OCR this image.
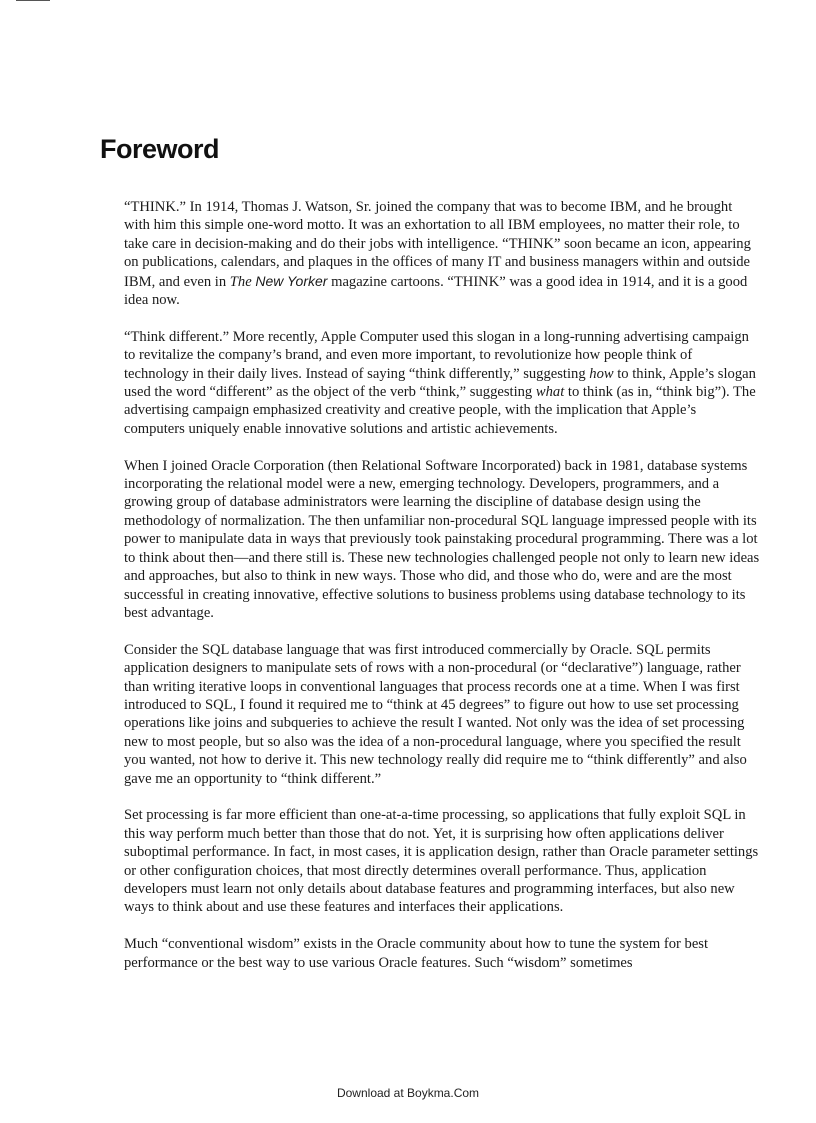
Foreword

“THINK.” In 1914, Thomas J. Watson, Sr. joined the company that was to become IBM, and he brought with him this simple one-word motto. It was an exhortation to all IBM employees, no matter their role, to take care in decision-making and do their jobs with intelligence. “THINK” soon became an icon, appearing on publications, calendars, and plaques in the offices of many IT and business managers within and outside IBM, and even in The New Yorker magazine cartoons. “THINK” was a good idea in 1914, and it is a good idea now.

“Think different.” More recently, Apple Computer used this slogan in a long-running advertising campaign to revitalize the company’s brand, and even more important, to revolutionize how people think of technology in their daily lives. Instead of saying “think differently,” suggesting how to think, Apple’s slogan used the word “different” as the object of the verb “think,” suggesting what to think (as in, “think big”). The advertising campaign emphasized creativity and creative people, with the implication that Apple’s computers uniquely enable innovative solutions and artistic achievements.

When I joined Oracle Corporation (then Relational Software Incorporated) back in 1981, database systems incorporating the relational model were a new, emerging technology. Developers, programmers, and a growing group of database administrators were learning the discipline of database design using the methodology of normalization. The then unfamiliar non-procedural SQL language impressed people with its power to manipulate data in ways that previously took painstaking procedural programming. There was a lot to think about then—and there still is. These new technologies challenged people not only to learn new ideas and approaches, but also to think in new ways. Those who did, and those who do, were and are the most successful in creating innovative, effective solutions to business problems using database technology to its best advantage.

Consider the SQL database language that was first introduced commercially by Oracle. SQL permits application designers to manipulate sets of rows with a non-procedural (or “declarative”) language, rather than writing iterative loops in conventional languages that process records one at a time. When I was first introduced to SQL, I found it required me to “think at 45 degrees” to figure out how to use set processing operations like joins and subqueries to achieve the result I wanted. Not only was the idea of set processing new to most people, but so also was the idea of a non-procedural language, where you specified the result you wanted, not how to derive it. This new technology really did require me to “think differently” and also gave me an opportunity to “think different.”

Set processing is far more efficient than one-at-a-time processing, so applications that fully exploit SQL in this way perform much better than those that do not. Yet, it is surprising how often applications deliver suboptimal performance. In fact, in most cases, it is application design, rather than Oracle parameter settings or other configuration choices, that most directly determines overall performance. Thus, application developers must learn not only details about database features and programming interfaces, but also new ways to think about and use these features and interfaces their applications.

Much “conventional wisdom” exists in the Oracle community about how to tune the system for best performance or the best way to use various Oracle features. Such “wisdom” sometimes

Download at Boykma.Com
